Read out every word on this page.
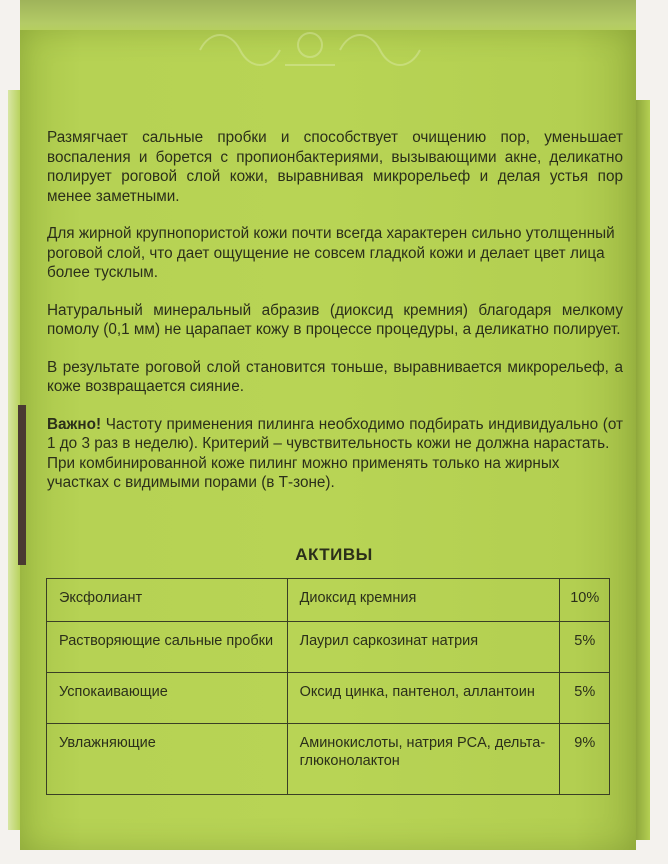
Размягчает сальные пробки и способствует очищению пор, уменьшает воспаления и борется с пропионбактериями, вызывающими акне, деликатно полирует роговой слой кожи, выравнивая микрорельеф и делая устья пор менее заметными.

Для жирной крупнопористой кожи почти всегда характерен сильно утолщенный роговой слой, что дает ощущение не совсем гладкой кожи и делает цвет лица более тусклым.

Натуральный минеральный абразив (диоксид кремния) благодаря мелкому помолу (0,1 мм) не царапает кожу в процессе процедуры, а деликатно полирует.

В результате роговой слой становится тоньше, выравнивается микрорельеф, а коже возвращается сияние.

Важно! Частоту применения пилинга необходимо подбирать индивидуально (от 1 до 3 раз в неделю). Критерий – чувствительность кожи не должна нарастать.

При комбинированной коже пилинг можно применять только на жирных участках с видимыми порами (в Т-зоне).

АКТИВЫ
Эксфолиант	Диоксид кремния	10%
Растворяющие сальные пробки	Лаурил саркозинат натрия	5%
Успокаивающие	Оксид цинка, пантенол, аллантоин	5%
Увлажняющие	Аминокислоты, натрия PCA, дельта-глюконолактон	9%
